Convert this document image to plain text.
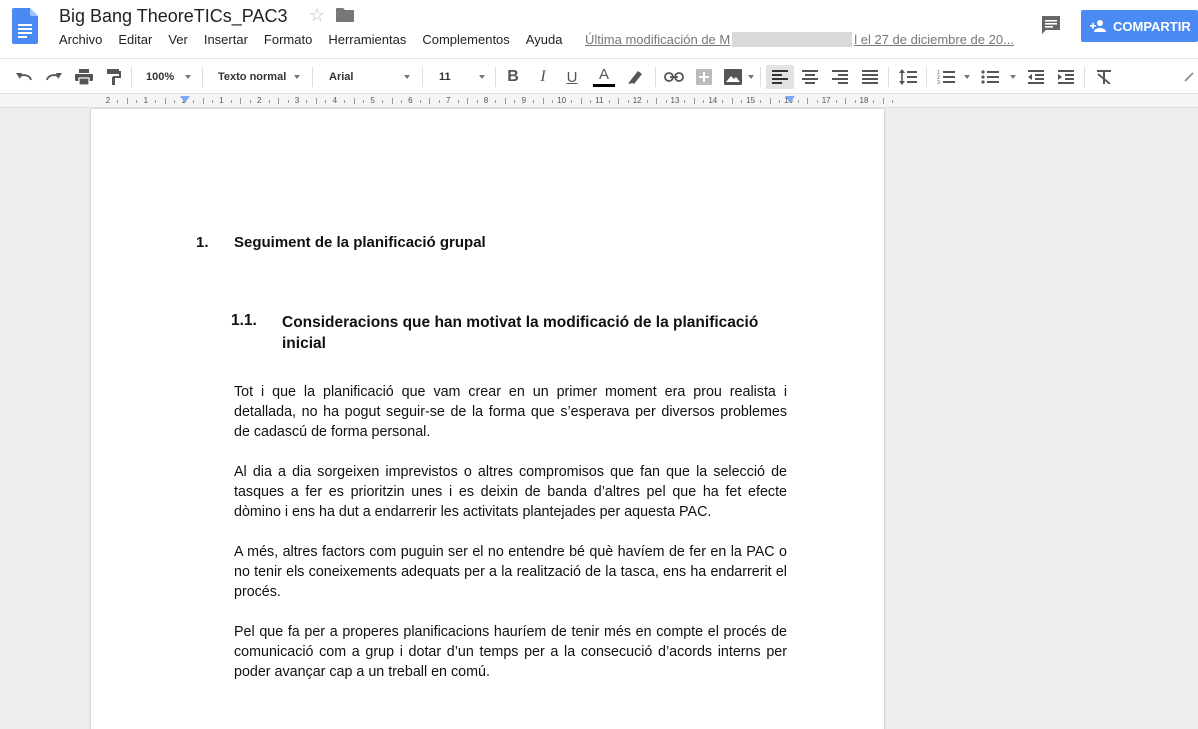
Big Bang TheoreTICs_PAC3 ☆
Archivo Editar Ver Insertar Formato Herramientas Complementos Ayuda Última modificación de M	l el 27 de diciembre de 20...
COMPARTIR
100%	Texto normal	Arial	11	B	I	U	A	1
2
3
2	1	1	1	2	3	4	5	6	7	8	9	10	11	12	13	14	15	16	17	18
1. Seguiment de la planificació grupal
1.1. Consideracions que han motivat la modificació de la planificació inicial

Tot i que la planificació que vam crear en un primer moment era prou realista i detallada, no ha pogut seguir-se de la forma que s’esperava per diversos problemes de cadascú de forma personal.

Al dia a dia sorgeixen imprevistos o altres compromisos que fan que la selecció de tasques a fer es prioritzin unes i es deixin de banda d’altres pel que ha fet efecte dòmino i ens ha dut a endarrerir les activitats plantejades per aquesta PAC.

A més, altres factors com puguin ser el no entendre bé què havíem de fer en la PAC o no tenir els coneixements adequats per a la realització de la tasca, ens ha endarrerit el procés.

Pel que fa per a properes planificacions hauríem de tenir més en compte el procés de comunicació com a grup i dotar d’un temps per a la consecució d’acords interns per poder avançar cap a un treball en comú.
